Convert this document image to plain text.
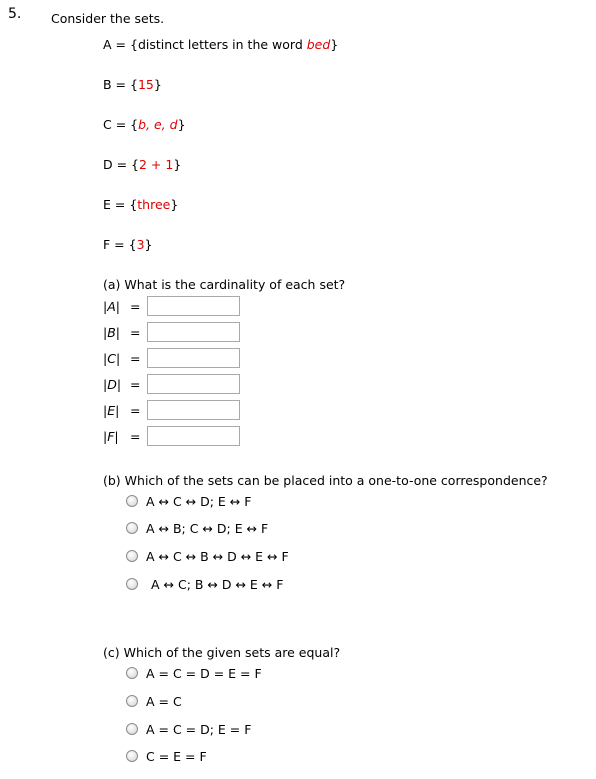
5. Consider the sets.
A = {distinct letters in the word bed}
B = {15}
C = {b, e, d}
D = {2 + 1}
E = {three}
F = {3}
(a) What is the cardinality of each set?
|A| =
|B| =
|C| =
|D| =
|E| =
|F| =
(b) Which of the sets can be placed into a one-to-one correspondence?
A ↔ C ↔ D; E ↔ F
A ↔ B; C ↔ D; E ↔ F
A ↔ C ↔ B ↔ D ↔ E ↔ F
A ↔ C; B ↔ D ↔ E ↔ F
(c) Which of the given sets are equal?
A = C = D = E = F
A = C
A = C = D; E = F
C = E = F
